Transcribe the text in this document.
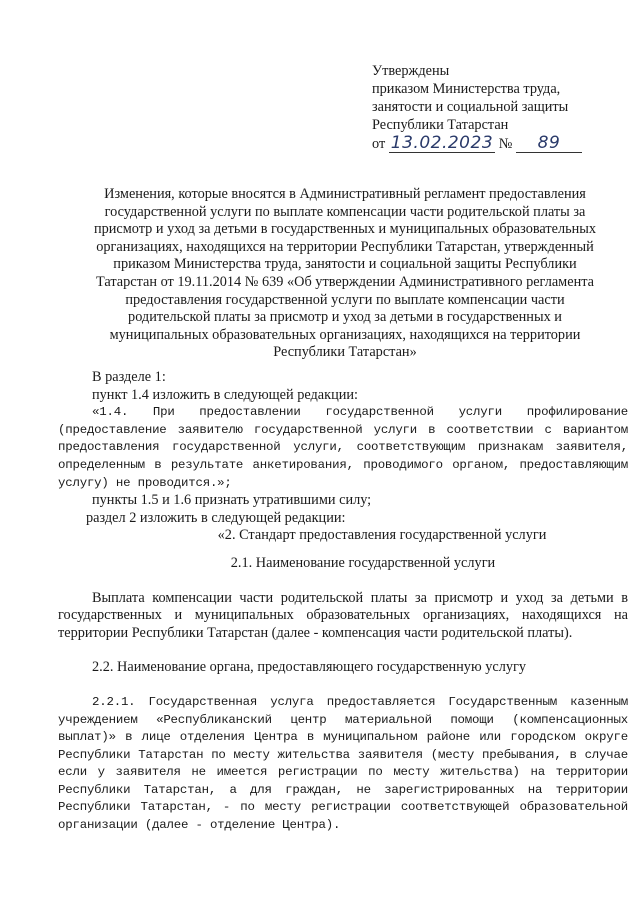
Утверждены
приказом Министерства труда,
занятости и социальной защиты
Республики Татарстан
от 13.02.2023 № 89
Изменения, которые вносятся в Административный регламент предоставления
государственной услуги по выплате компенсации части родительской платы за
присмотр и уход за детьми в государственных и муниципальных образовательных
организациях, находящихся на территории Республики Татарстан, утвержденный
приказом Министерства труда, занятости и социальной защиты Республики
Татарстан от 19.11.2014 № 639 «Об утверждении Административного регламента
предоставления государственной услуги по выплате компенсации части
родительской платы за присмотр и уход за детьми в государственных и
муниципальных образовательных организациях, находящихся на территории
Республики Татарстан»

В разделе 1:

пункт 1.4 изложить в следующей редакции:

«1.4. При предоставлении государственной услуги профилирование (предоставление заявителю государственной услуги в соответствии с вариантом предоставления государственной услуги, соответствующим признакам заявителя, определенным в результате анкетирования, проводимого органом, предоставляющим услугу) не проводится.»;

пункты 1.5 и 1.6 признать утратившими силу;

раздел 2 изложить в следующей редакции:

«2. Стандарт предоставления государственной услуги

2.1. Наименование государственной услуги

Выплата компенсации части родительской платы за присмотр и уход за детьми в государственных и муниципальных образовательных организациях, находящихся на территории Республики Татарстан (далее - компенсация части родительской платы).

2.2. Наименование органа, предоставляющего государственную услугу

2.2.1. Государственная услуга предоставляется Государственным казенным учреждением «Республиканский центр материальной помощи (компенсационных выплат)» в лице отделения Центра в муниципальном районе или городском округе Республики Татарстан по месту жительства заявителя (месту пребывания, в случае если у заявителя не имеется регистрации по месту жительства) на территории Республики Татарстан, а для граждан, не зарегистрированных на территории Республики Татарстан, - по месту регистрации соответствующей образовательной организации (далее - отделение Центра).
